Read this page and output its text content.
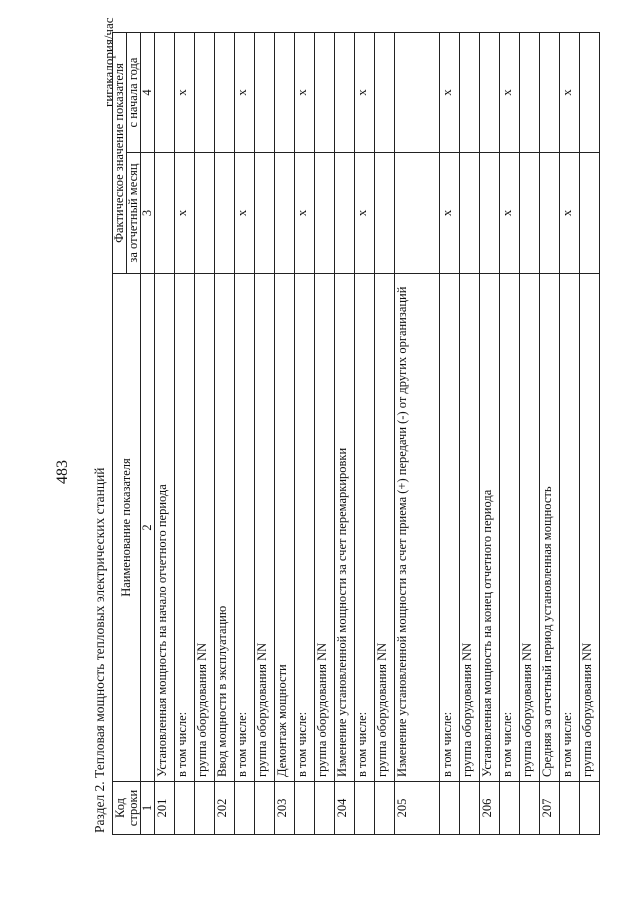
483 Раздел 2. Тепловая мощность тепловых электрических станций
гигакалория/час
Код строки	Наименование показателя	Фактическое значение показателя	
		за отчетный месяц	с начала года
1	2	3	4
201	Установленная мощность на начало отчетного периода		
	в том числе:	x	x
	группа оборудования NN		
202	Ввод мощности в эксплуатацию		
	в том числе:	x	x
	группа оборудования NN		
203	Демонтаж мощности		
	в том числе:	x	x
	группа оборудования NN		
204	Изменение установленной мощности за счет перемаркировки		
	в том числе:	x	x
	группа оборудования NN		
205	Изменение установленной мощности за счет приема (+) передачи (-) от других организаций		
	в том числе:	x	x
	группа оборудования NN		
206	Установленная мощность на конец отчетного периода		
	в том числе:	x	x
	группа оборудования NN		
207	Средняя за отчетный период установленная мощность		
	в том числе:	x	x
	группа оборудования NN		
